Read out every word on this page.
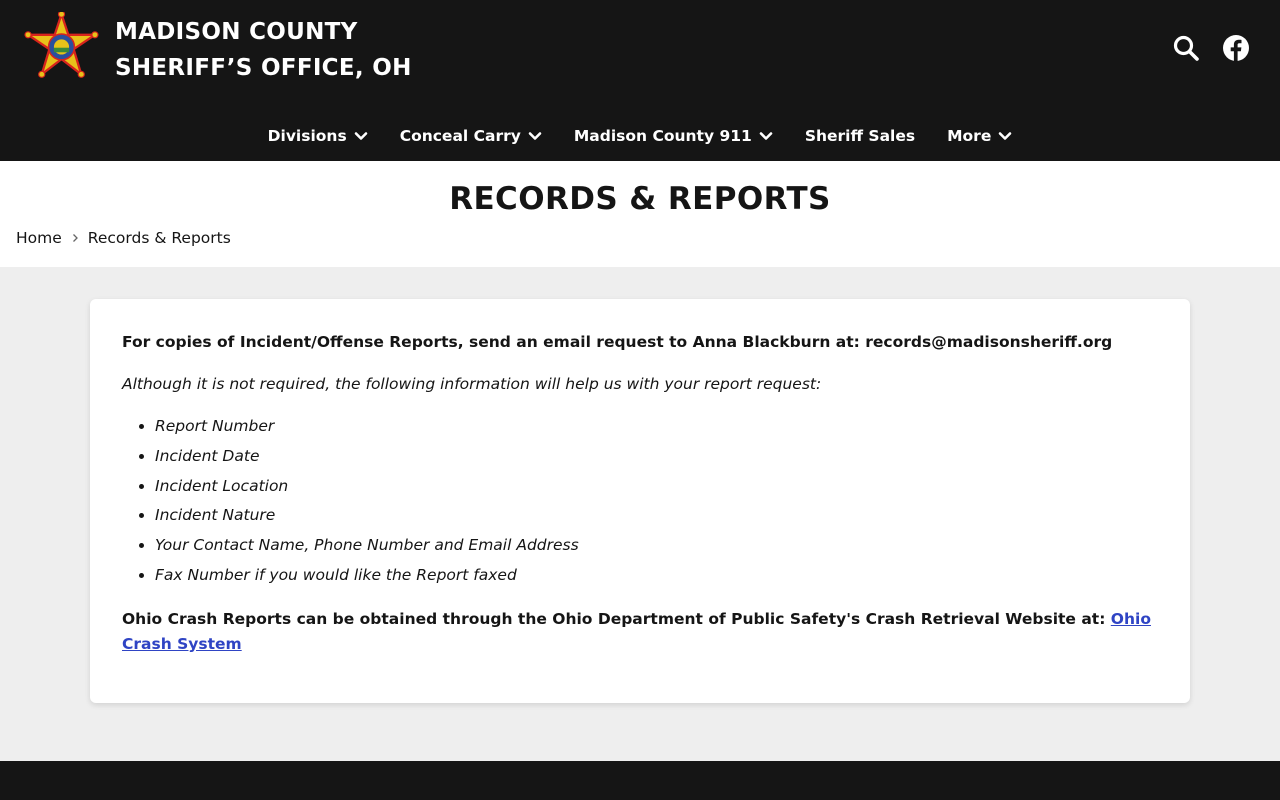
MADISON COUNTY
SHERIFF’S OFFICE, OH
Divisions	Conceal Carry	Madison County 911	Sheriff Sales More
RECORDS & REPORTS
Home Records & Reports

For copies of Incident/Offense Reports, send an email request to Anna Blackburn at: records@madisonsheriff.org

Although it is not required, the following information will help us with your report request:

• Report Number
• Incident Date
• Incident Location
• Incident Nature
• Your Contact Name, Phone Number and Email Address
• Fax Number if you would like the Report faxed

Ohio Crash Reports can be obtained through the Ohio Department of Public Safety's Crash Retrieval Website at: Ohio Crash System
